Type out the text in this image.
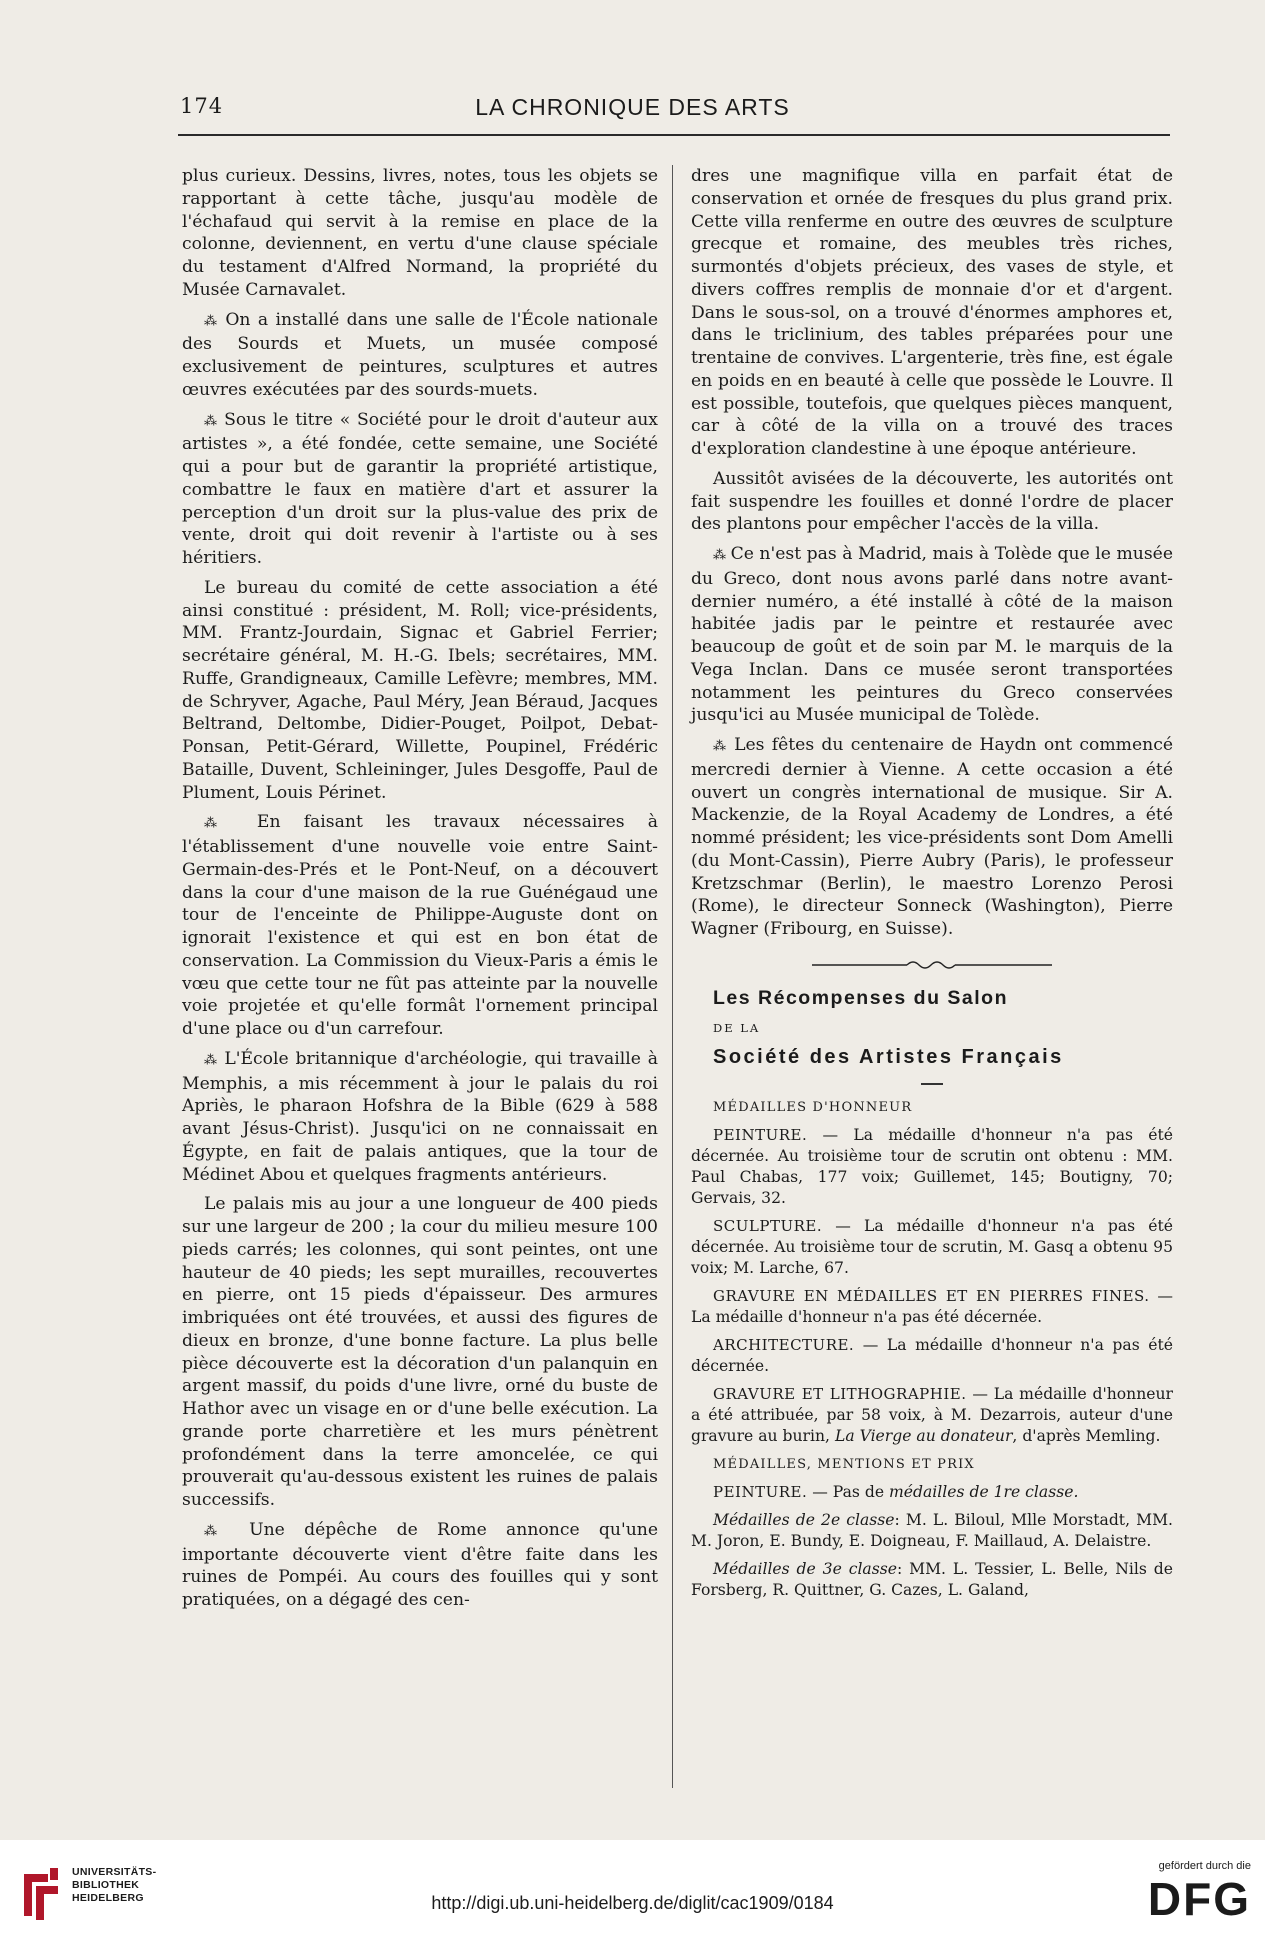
174	LA CHRONIQUE DES ARTS

plus curieux. Dessins, livres, notes, tous les objets se rapportant à cette tâche, jusqu'au modèle de l'échafaud qui servit à la remise en place de la colonne, deviennent, en vertu d'une clause spéciale du testament d'Alfred Normand, la propriété du Musée Carnavalet.

⁂ On a installé dans une salle de l'École nationale des Sourds et Muets, un musée composé exclusivement de peintures, sculptures et autres œuvres exécutées par des sourds-muets.

⁂ Sous le titre « Société pour le droit d'auteur aux artistes », a été fondée, cette semaine, une Société qui a pour but de garantir la propriété artistique, combattre le faux en matière d'art et assurer la perception d'un droit sur la plus-value des prix de vente, droit qui doit revenir à l'artiste ou à ses héritiers.

Le bureau du comité de cette association a été ainsi constitué : président, M. Roll; vice-présidents, MM. Frantz-Jourdain, Signac et Gabriel Ferrier; secrétaire général, M. H.-G. Ibels; secrétaires, MM. Ruffe, Grandigneaux, Camille Lefèvre; membres, MM. de Schryver, Agache, Paul Méry, Jean Béraud, Jacques Beltrand, Deltombe, Didier-Pouget, Poilpot, Debat-Ponsan, Petit-Gérard, Willette, Poupinel, Frédéric Bataille, Duvent, Schleininger, Jules Desgoffe, Paul de Plument, Louis Périnet.

⁂ En faisant les travaux nécessaires à l'établissement d'une nouvelle voie entre Saint-Germain-des-Prés et le Pont-Neuf, on a découvert dans la cour d'une maison de la rue Guénégaud une tour de l'enceinte de Philippe-Auguste dont on ignorait l'existence et qui est en bon état de conservation. La Commission du Vieux-Paris a émis le vœu que cette tour ne fût pas atteinte par la nouvelle voie projetée et qu'elle formât l'ornement principal d'une place ou d'un carrefour.

⁂ L'École britannique d'archéologie, qui travaille à Memphis, a mis récemment à jour le palais du roi Apriès, le pharaon Hofshra de la Bible (629 à 588 avant Jésus-Christ). Jusqu'ici on ne connaissait en Égypte, en fait de palais antiques, que la tour de Médinet Abou et quelques fragments antérieurs.

Le palais mis au jour a une longueur de 400 pieds sur une largeur de 200 ; la cour du milieu mesure 100 pieds carrés; les colonnes, qui sont peintes, ont une hauteur de 40 pieds; les sept murailles, recouvertes en pierre, ont 15 pieds d'épaisseur. Des armures imbriquées ont été trouvées, et aussi des figures de dieux en bronze, d'une bonne facture. La plus belle pièce découverte est la décoration d'un palanquin en argent massif, du poids d'une livre, orné du buste de Hathor avec un visage en or d'une belle exécution. La grande porte charretière et les murs pénètrent profondément dans la terre amoncelée, ce qui prouverait qu'au-dessous existent les ruines de palais successifs.

⁂ Une dépêche de Rome annonce qu'une importante découverte vient d'être faite dans les ruines de Pompéi. Au cours des fouilles qui y sont pratiquées, on a dégagé des cen-

dres une magnifique villa en parfait état de conservation et ornée de fresques du plus grand prix. Cette villa renferme en outre des œuvres de sculpture grecque et romaine, des meubles très riches, surmontés d'objets précieux, des vases de style, et divers coffres remplis de monnaie d'or et d'argent. Dans le sous-sol, on a trouvé d'énormes amphores et, dans le triclinium, des tables préparées pour une trentaine de convives. L'argenterie, très fine, est égale en poids en en beauté à celle que possède le Louvre. Il est possible, toutefois, que quelques pièces manquent, car à côté de la villa on a trouvé des traces d'exploration clandestine à une époque antérieure.

Aussitôt avisées de la découverte, les autorités ont fait suspendre les fouilles et donné l'ordre de placer des plantons pour empêcher l'accès de la villa.

⁂ Ce n'est pas à Madrid, mais à Tolède que le musée du Greco, dont nous avons parlé dans notre avant-dernier numéro, a été installé à côté de la maison habitée jadis par le peintre et restaurée avec beaucoup de goût et de soin par M. le marquis de la Vega Inclan. Dans ce musée seront transportées notamment les peintures du Greco conservées jusqu'ici au Musée municipal de Tolède.

⁂ Les fêtes du centenaire de Haydn ont commencé mercredi dernier à Vienne. A cette occasion a été ouvert un congrès international de musique. Sir A. Mackenzie, de la Royal Academy de Londres, a été nommé président; les vice-présidents sont Dom Amelli (du Mont-Cassin), Pierre Aubry (Paris), le professeur Kretzschmar (Berlin), le maestro Lorenzo Perosi (Rome), le directeur Sonneck (Washington), Pierre Wagner (Fribourg, en Suisse).

Les Récompenses du Salon

DE LA

Société des Artistes Français

MÉDAILLES D'HONNEUR

PEINTURE. — La médaille d'honneur n'a pas été décernée. Au troisième tour de scrutin ont obtenu : MM. Paul Chabas, 177 voix; Guillemet, 145; Boutigny, 70; Gervais, 32.

SCULPTURE. — La médaille d'honneur n'a pas été décernée. Au troisième tour de scrutin, M. Gasq a obtenu 95 voix; M. Larche, 67.

GRAVURE EN MÉDAILLES ET EN PIERRES FINES. — La médaille d'honneur n'a pas été décernée.

ARCHITECTURE. — La médaille d'honneur n'a pas été décernée.

GRAVURE ET LITHOGRAPHIE. — La médaille d'honneur a été attribuée, par 58 voix, à M. Dezarrois, auteur d'une gravure au burin, La Vierge au donateur, d'après Memling.

MÉDAILLES, MENTIONS ET PRIX

PEINTURE. — Pas de médailles de 1re classe.

Médailles de 2e classe: M. L. Biloul, Mlle Morstadt, MM. M. Joron, E. Bundy, E. Doigneau, F. Maillaud, A. Delaistre.

Médailles de 3e classe: MM. L. Tessier, L. Belle, Nils de Forsberg, R. Quittner, G. Cazes, L. Galand,

UNIVERSITÄTS-
BIBLIOTHEK
HEIDELBERG	http://digi.ub.uni-heidelberg.de/diglit/cac1909/0184
gefördert durch die
DFG
